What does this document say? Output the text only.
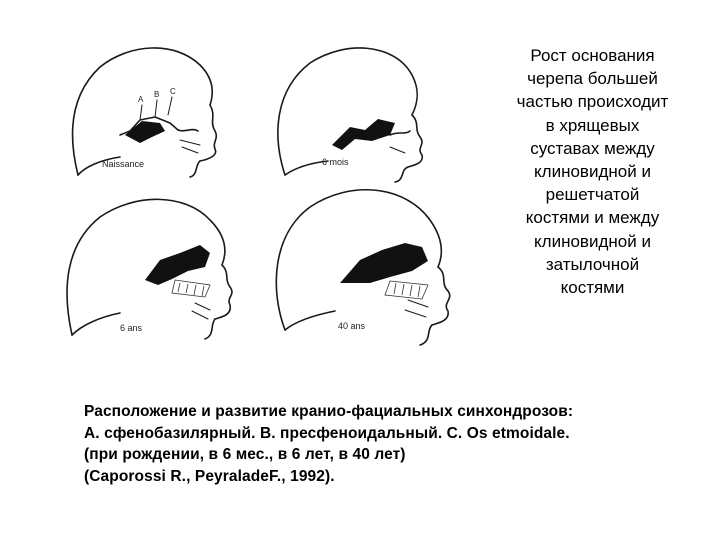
A
B C
Naissance	6 mois
6 ans	40 ans
Рост основания
черепа большей
частью происходит
в хрящевых
суставах между
клиновидной и
решетчатой
костями и между
клиновидной и
затылочной
костями
Расположение и развитие кранио-фациальных синхондрозов:
А. сфенобазилярный. В. пресфеноидальный. С. Os etmoidale.
(при рождении, в 6 мес., в 6 лет, в 40 лет)
(Caporossi R., PeyraladeF., 1992).
